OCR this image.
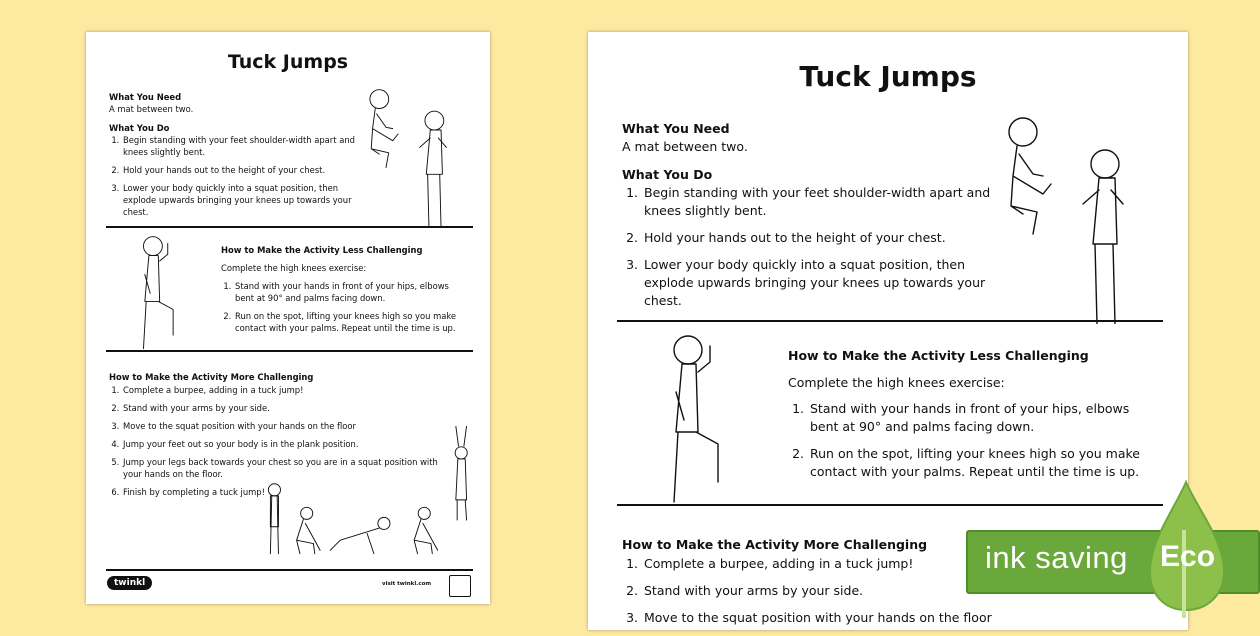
Tuck Jumps
What You Need
A mat between two.
What You Do
1. Begin standing with your feet shoulder-width apart and knees slightly bent.
2. Hold your hands out to the height of your chest.
3. Lower your body quickly into a squat position, then explode upwards bringing your knees up towards your chest.
How to Make the Activity Less Challenging
Complete the high knees exercise:
1. Stand with your hands in front of your hips, elbows bent at 90° and palms facing down.
2. Run on the spot, lifting your knees high so you make contact with your palms. Repeat until the time is up.
How to Make the Activity More Challenging
1. Complete a burpee, adding in a tuck jump!
2. Stand with your arms by your side.
3. Move to the squat position with your hands on the floor
4. Jump your feet out so your body is in the plank position.
5. Jump your legs back towards your chest so you are in a squat position with your hands on the floor.
6. Finish by completing a tuck jump!
twinkl	visit twinkl.com
Tuck Jumps
What You Need
A mat between two.
What You Do
1. Begin standing with your feet shoulder-width apart and knees slightly bent.
2. Hold your hands out to the height of your chest.
3. Lower your body quickly into a squat position, then explode upwards bringing your knees up towards your chest.
How to Make the Activity Less Challenging
Complete the high knees exercise:
1. Stand with your hands in front of your hips, elbows bent at 90° and palms facing down.
2. Run on the spot, lifting your knees high so you make contact with your palms. Repeat until the time is up.
How to Make the Activity More Challenging
1. Complete a burpee, adding in a tuck jump!
2. Stand with your arms by your side.
3. Move to the squat position with your hands on the floor
ink saving Eco
